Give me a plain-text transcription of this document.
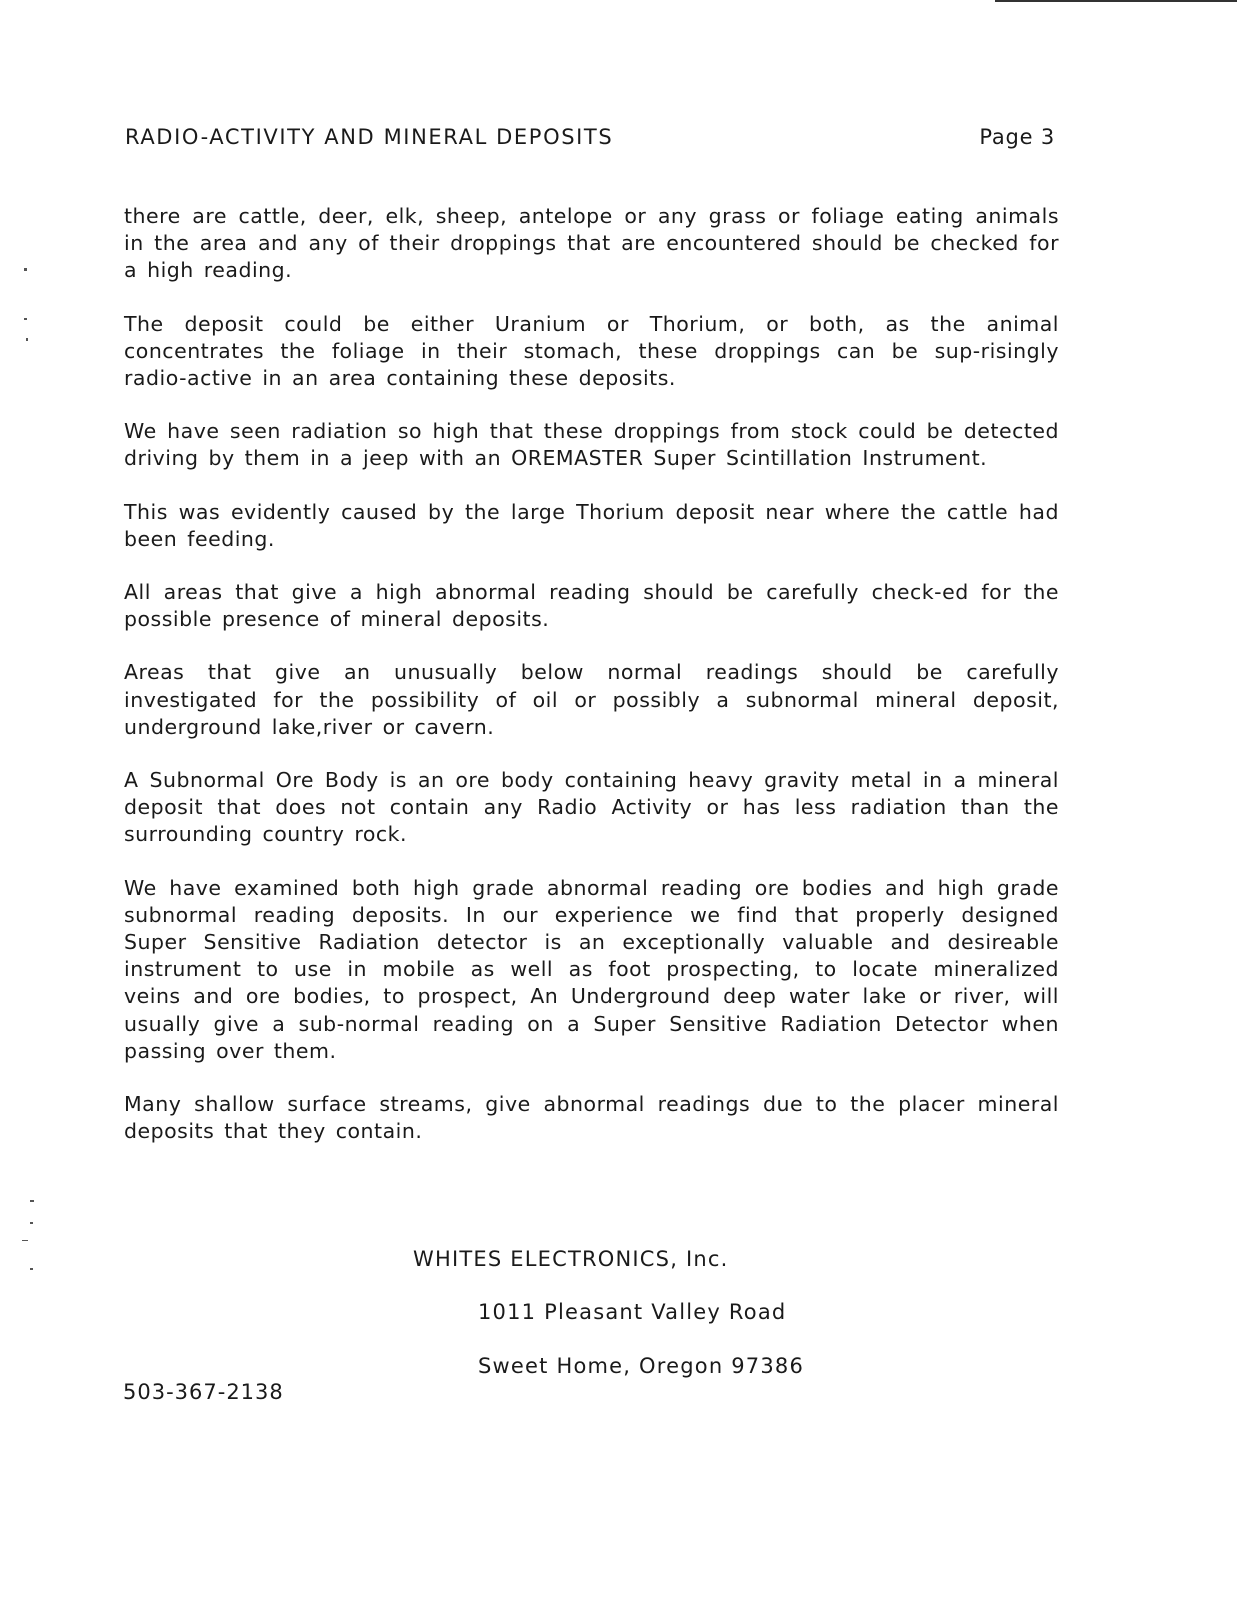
RADIO-ACTIVITY AND MINERAL DEPOSITS	Page 3

there are cattle, deer, elk, sheep, antelope or any grass or foliage eating animals in the area and any of their droppings that are encountered should be checked for a high reading.

The deposit could be either Uranium or Thorium, or both, as the animal concentrates the foliage in their stomach, these droppings can be sup-risingly radio-active in an area containing these deposits.

We have seen radiation so high that these droppings from stock could be detected driving by them in a jeep with an OREMASTER Super Scintillation Instrument.

This was evidently caused by the large Thorium deposit near where the cattle had been feeding.

All areas that give a high abnormal reading should be carefully check-ed for the possible presence of mineral deposits.

Areas that give an unusually below normal readings should be carefully investigated for the possibility of oil or possibly a subnormal mineral deposit, underground lake,river or cavern.

A Subnormal Ore Body is an ore body containing heavy gravity metal in a mineral deposit that does not contain any Radio Activity or has less radiation than the surrounding country rock.

We have examined both high grade abnormal reading ore bodies and high grade subnormal reading deposits. In our experience we find that properly designed Super Sensitive Radiation detector is an exceptionally valuable and desireable instrument to use in mobile as well as foot prospecting, to locate mineralized veins and ore bodies, to prospect, An Underground deep water lake or river, will usually give a sub-normal reading on a Super Sensitive Radiation Detector when passing over them.

Many shallow surface streams, give abnormal readings due to the placer mineral deposits that they contain.

WHITES ELECTRONICS, Inc.
1011 Pleasant Valley Road
Sweet Home, Oregon 97386
503-367-2138
